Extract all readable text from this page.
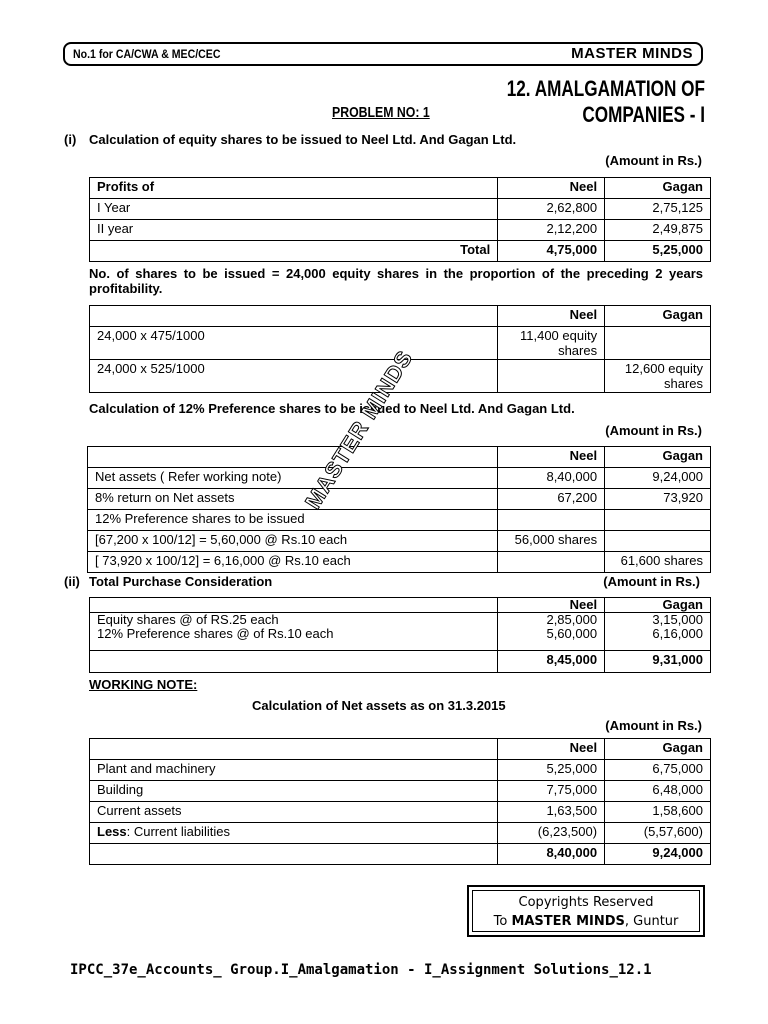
No.1 for CA/CWA & MEC/CEC	MASTER MINDS
12. AMALGAMATION OF COMPANIES - I
PROBLEM NO: 1
(i) Calculation of equity shares to be issued to Neel Ltd. And Gagan Ltd.
(Amount in Rs.)
Profits of	Neel	Gagan
I Year	2,62,800	2,75,125
II year	2,12,200	2,49,875
Total	4,75,000	5,25,000
No. of shares to be issued = 24,000 equity shares in the proportion of the preceding 2 years profitability.
	Neel	Gagan
24,000 x 475/1000	11,400 equity shares	
24,000 x 525/1000		12,600 equity shares
Calculation of 12% Preference shares to be issued to Neel Ltd. And Gagan Ltd.
(Amount in Rs.)
	Neel	Gagan
Net assets ( Refer working note)	8,40,000	9,24,000
8% return on Net assets	67,200	73,920
12% Preference shares to be issued		
[67,200 x 100/12] = 5,60,000 @ Rs.10 each	56,000 shares	
[ 73,920 x 100/12] = 6,16,000 @ Rs.10 each		61,600 shares
MASTER MINDS
(ii) Total Purchase Consideration	(Amount in Rs.)
	Neel	Gagan
Equity shares @ of RS.25 each	2,85,000	3,15,000
12% Preference shares @ of Rs.10 each	5,60,000	6,16,000
	8,45,000	9,31,000
WORKING NOTE:
Calculation of Net assets as on 31.3.2015
(Amount in Rs.)
	Neel	Gagan
Plant and machinery	5,25,000	6,75,000
Building	7,75,000	6,48,000
Current assets	1,63,500	1,58,600
Less: Current liabilities	(6,23,500)	(5,57,600)
	8,40,000	9,24,000
Copyrights Reserved
To MASTER MINDS, Guntur
IPCC_37e_Accounts_ Group.I_Amalgamation - I_Assignment Solutions_12.1
